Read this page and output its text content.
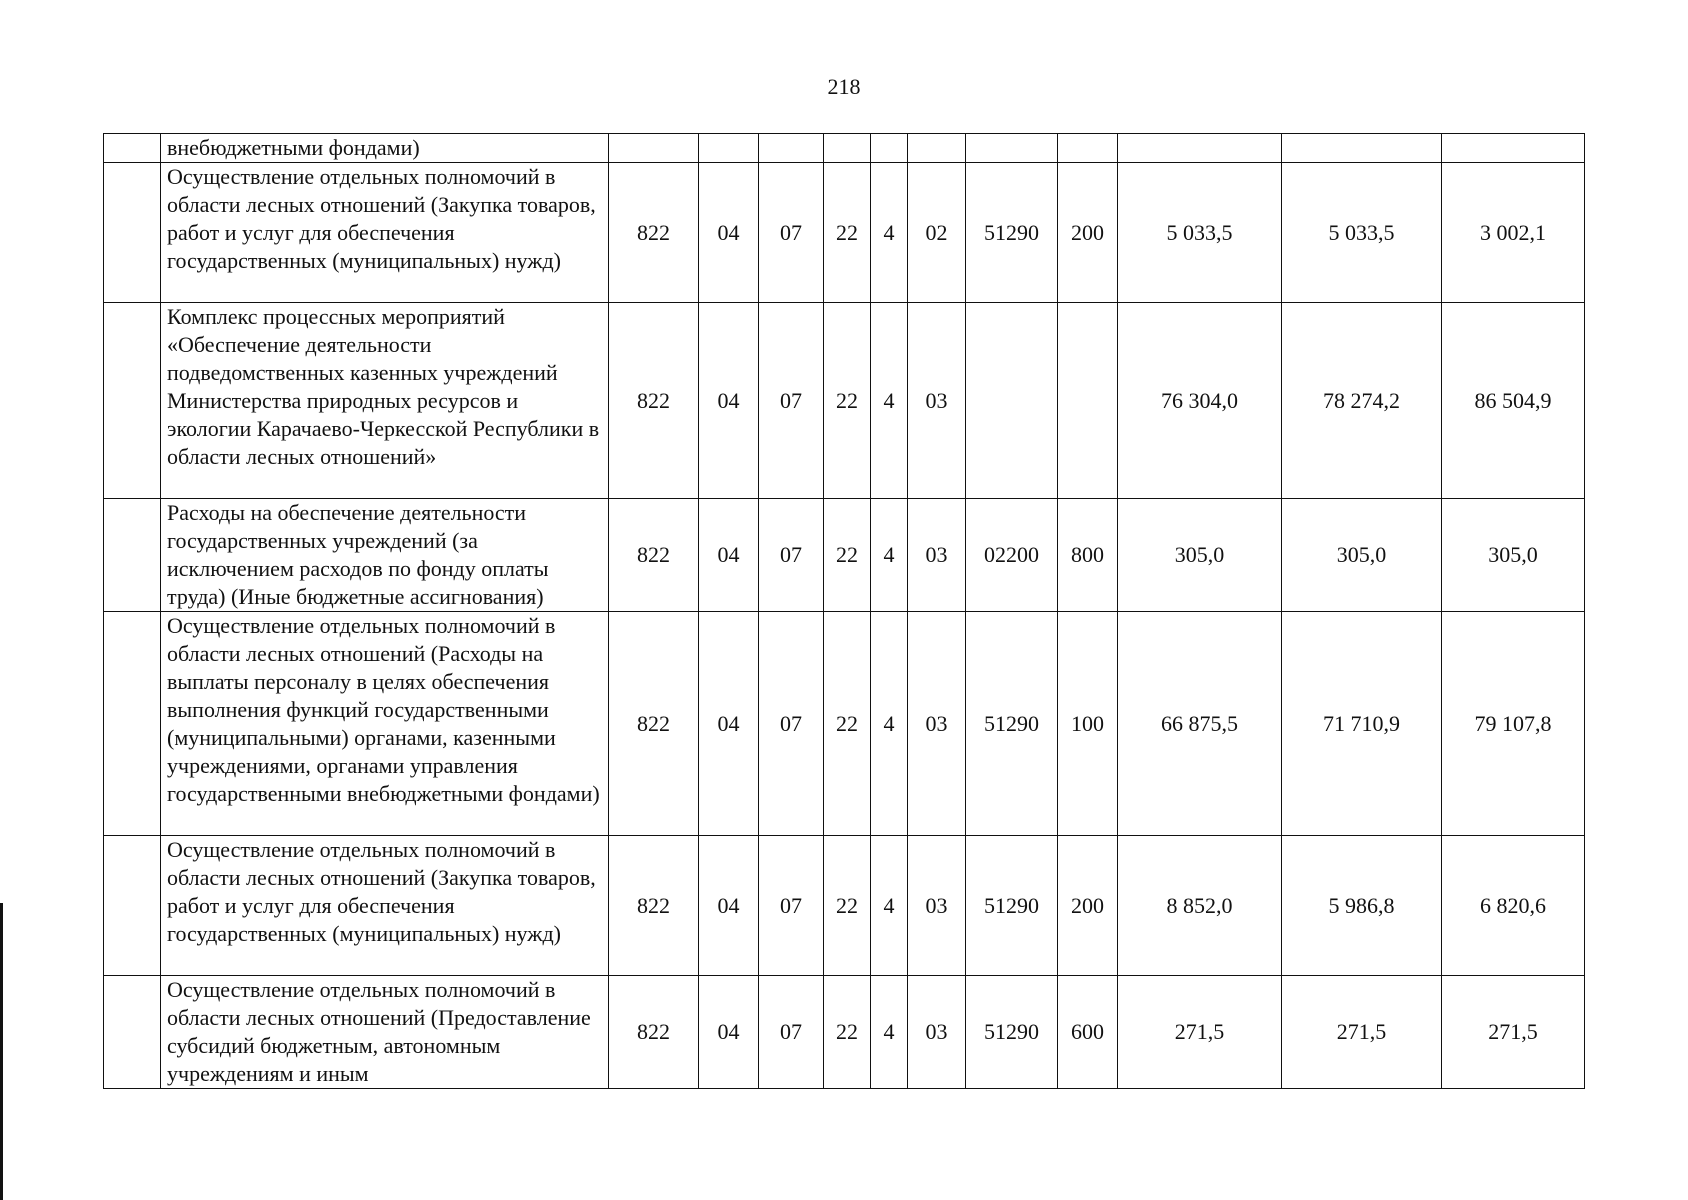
218
	внебюджетными фондами)											
	Осуществление отдельных полномочий в области лесных отношений (Закупка товаров, работ и услуг для обеспечения государственных (муниципальных) нужд)	822	04	07	22	4	02	51290	200	5 033,5	5 033,5	3 002,1
	Комплекс процессных мероприятий «Обеспечение деятельности подведомственных казенных учреждений Министерства природных ресурсов и экологии Карачаево-Черкесской Республики в области лесных отношений»	822	04	07	22	4	03			76 304,0	78 274,2	86 504,9
	Расходы на обеспечение деятельности государственных учреждений (за исключением расходов по фонду оплаты труда) (Иные бюджетные ассигнования)	822	04	07	22	4	03	02200	800	305,0	305,0	305,0
	Осуществление отдельных полномочий в области лесных отношений (Расходы на выплаты персоналу в целях обеспечения выполнения функций государственными (муниципальными) органами, казенными учреждениями, органами управления государственными внебюджетными фондами)	822	04	07	22	4	03	51290	100	66 875,5	71 710,9	79 107,8
	Осуществление отдельных полномочий в области лесных отношений (Закупка товаров, работ и услуг для обеспечения государственных (муниципальных) нужд)	822	04	07	22	4	03	51290	200	8 852,0	5 986,8	6 820,6
	Осуществление отдельных полномочий в области лесных отношений (Предоставление субсидий бюджетным, автономным учреждениям и иным	822	04	07	22	4	03	51290	600	271,5	271,5	271,5
